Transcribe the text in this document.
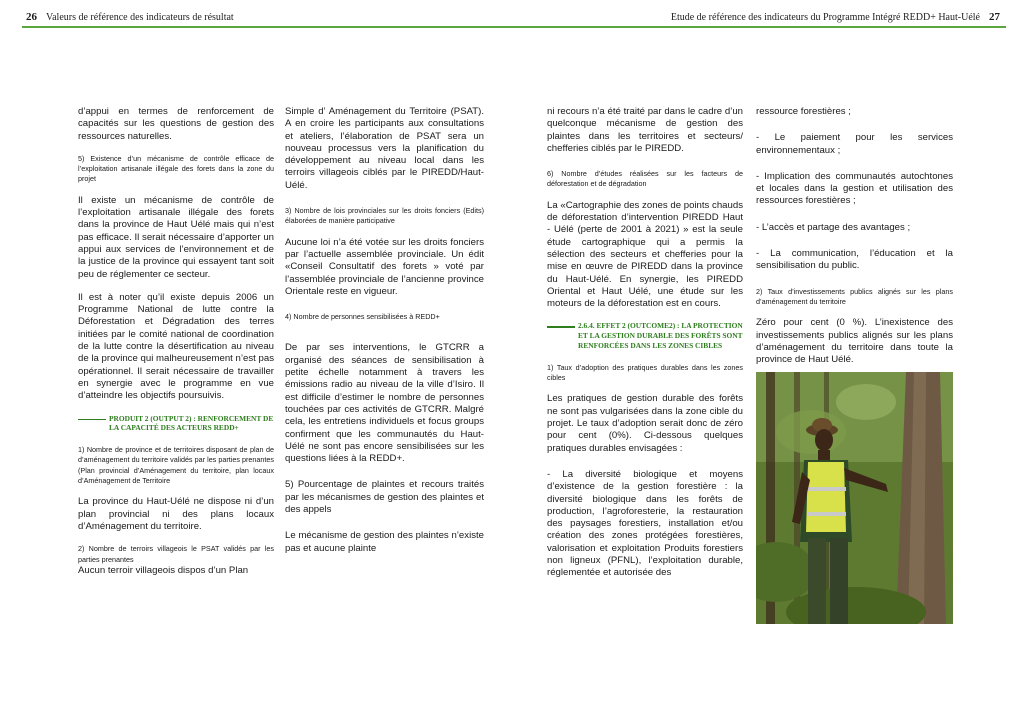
26 Valeurs de référence des indicateurs de résultat	Etude de référence des indicateurs du Programme Intégré REDD+ Haut-Uélé 27

d’appui en termes de renforcement de capacités sur les questions de gestion des ressources naturelles.

5) Existence d’un mécanisme de contrôle efficace de l’exploitation artisanale illégale des forets dans la zone du projet

Il existe un mécanisme de contrôle de l’exploitation artisanale illégale des forets dans la province de Haut Uélé mais qui n’est pas efficace. Il serait nécessaire d’apporter un appui aux services de l’environnement et de la justice de la province qui essayent tant soit peu de réglementer ce secteur.

Il est à noter qu’il existe depuis 2006 un Programme National de lutte contre la Déforestation et Dégradation des terres initiées par le comité national de coordination de la lutte contre la désertification au niveau de la province qui malheureusement n’est pas opérationnel. Il serait nécessaire de travailler en synergie avec le programme en vue d’atteindre les objectifs poursuivis.

PRODUIT 2 (OUTPUT 2) : RENFORCEMENT DE LA CAPACITÉ DES ACTEURS REDD+

1) Nombre de province et de territoires disposant de plan de d’aménagement du territoire validés par les parties prenantes (Plan provincial d’Aménagement du territoire, plan locaux d’Aménagement de Territoire

La province du Haut-Uélé ne dispose ni d’un plan provincial ni des plans locaux d’Aménagement du territoire.

2) Nombre de terroirs villageois le PSAT validés par les parties prenantes

Aucun terroir villageois dispos d’un Plan

Simple d’ Aménagement du Territoire (PSAT). A en croire les participants aux consultations et ateliers, l’élaboration de PSAT sera un nouveau processus vers la planification du développement au niveau local dans les terroirs villageois ciblés par le PIREDD/Haut-Uélé.

3) Nombre de lois provinciales sur les droits fonciers (Edits) élaborées de manière participative

Aucune loi n’a été votée sur les droits fonciers par l’actuelle assemblée provinciale. Un édit «Conseil Consultatif des forets » voté par l’assemblée provinciale de l’ancienne province Orientale reste en vigueur.

4) Nombre de personnes sensibilisées à REDD+

De par ses interventions, le GTCRR a organisé des séances de sensibilisation à petite échelle notamment à travers les émissions radio au niveau de la ville d’Isiro. Il est difficile d’estimer le nombre de personnes touchées par ces activités de GTCRR. Malgré cela, les entretiens individuels et focus groups confirment que les communautés du Haut-Uélé ne sont pas encore sensibilisées sur les questions liées à la REDD+.

5) Pourcentage de plaintes et recours traités par les mécanismes de gestion des plaintes et des appels

Le mécanisme de gestion des plaintes n’existe pas et aucune plainte

ni recours n’a été traité par dans le cadre d’un quelconque mécanisme de gestion des plaintes dans les territoires et secteurs/ chefferies ciblés par le PIREDD.

6) Nombre d’études réalisées sur les facteurs de déforestation et de dégradation

La «Cartographie des zones de points chauds de déforestation d’intervention PIREDD Haut - Uélé (perte de 2001 à 2021) » est la seule étude cartographique qui a permis la sélection des secteurs et chefferies pour la mise en œuvre de PIREDD dans la province du Haut-Uélé. En synergie, les PIREDD Oriental et Haut Uélé, une étude sur les moteurs de la déforestation est en cours.

2.6.4. EFFET 2 (OUTCOME2) : LA PROTECTION ET LA GESTION DURABLE DES FORÊTS SONT RENFORCÉES DANS LES ZONES CIBLES

1) Taux d’adoption des pratiques durables dans les zones cibles

Les pratiques de gestion durable des forêts ne sont pas vulgarisées dans la zone cible du projet. Le taux d’adoption serait donc de zéro pour cent (0%). Ci-dessous quelques pratiques durables envisagées :

- La diversité biologique et moyens d’existence de la gestion forestière : la diversité biologique dans les forêts de production, l’agroforesterie, la restauration des paysages forestiers, installation et/ou création des zones protégées forestières, valorisation et exploitation Produits forestiers non ligneux (PFNL), l’exploitation durable, réglementée et autorisée des

ressource forestières ;

- Le paiement pour les services environnementaux ;

- Implication des communautés autochtones et locales dans la gestion et utilisation des ressources forestières ;

- L’accès et partage des avantages ;

- La communication, l’éducation et la sensibilisation du public.

2) Taux d’investissements publics alignés sur les plans d’aménagement du territoire

Zéro pour cent (0 %). L’inexistence des investissements publics alignés sur les plans d’aménagement du territoire dans toute la province de Haut Uélé.
